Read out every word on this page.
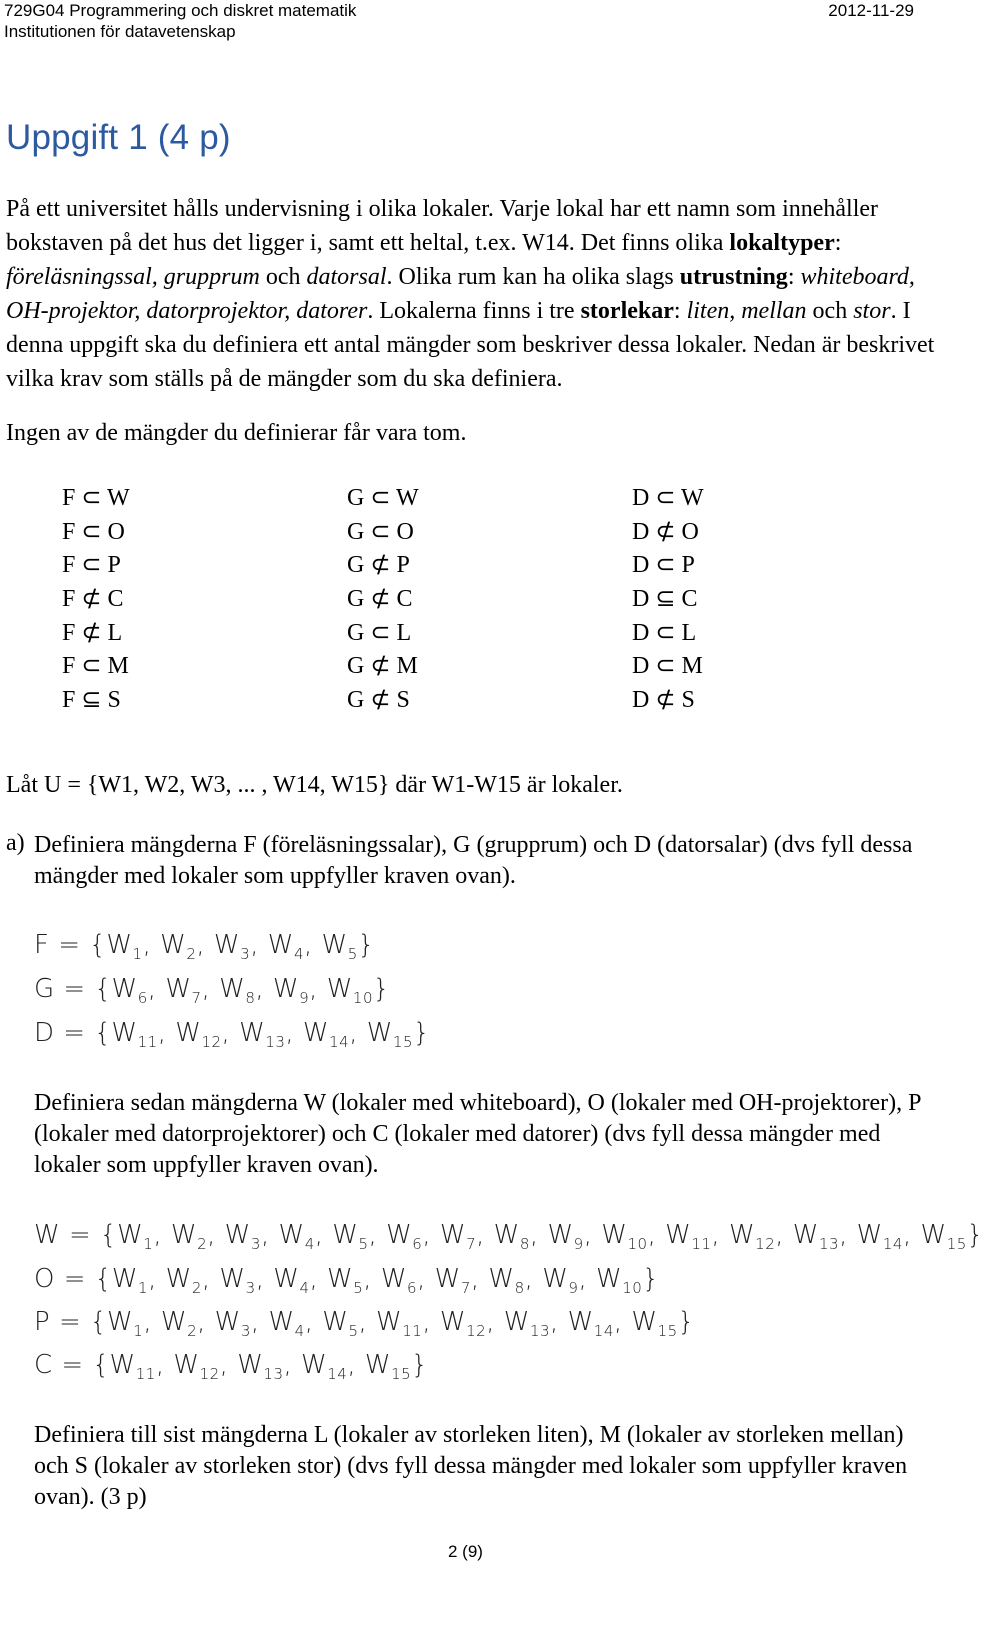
729G04 Programmering och diskret matematik
Institutionen för datavetenskap
2012-11-29
Uppgift 1 (4 p)

På ett universitet hålls undervisning i olika lokaler. Varje lokal har ett namn som innehåller bokstaven på det hus det ligger i, samt ett heltal, t.ex. W14. Det finns olika lokaltyper: föreläsningssal, grupprum och datorsal. Olika rum kan ha olika slags utrustning: whiteboard, OH-projektor, datorprojektor, datorer. Lokalerna finns i tre storlekar: liten, mellan och stor. I denna uppgift ska du definiera ett antal mängder som beskriver dessa lokaler. Nedan är beskrivet vilka krav som ställs på de mängder som du ska definiera.

Ingen av de mängder du definierar får vara tom.

F ⊂ W
F ⊂ O
F ⊂ P
F ⊄ C
F ⊄ L
F ⊂ M
F ⊆ S
G ⊂ W
G ⊂ O
G ⊄ P
G ⊄ C
G ⊂ L
G ⊄ M
G ⊄ S
D ⊂ W
D ⊄ O
D ⊂ P
D ⊆ C
D ⊂ L
D ⊂ M
D ⊄ S

Låt U = {W1, W2, W3, ... , W14, W15} där W1-W15 är lokaler.

a) Definiera mängderna F (föreläsningssalar), G (grupprum) och D (datorsalar) (dvs fyll dessa mängder med lokaler som uppfyller kraven ovan).

$F = \{W_1$, $W_2$, $W_3$, $W_4$, $W_5$}
$G = \{W_6$, $W_7$, $W_8$, $W_9$, $W_{10}$}
$D = \{W_{11}$, $W_{12}$, $W_{13}$, $W_{14}$, $W_{15}$}

Definiera sedan mängderna W (lokaler med whiteboard), O (lokaler med OH-projektorer), P (lokaler med datorprojektorer) och C (lokaler med datorer) (dvs fyll dessa mängder med lokaler som uppfyller kraven ovan).

$W = \{W_1$, $W_2$, $W_3$, $W_4$, $W_5$, $W_6$, $W_7$, $W_8$, $W_9$, $W_{10}$, $W_{11}$, $W_{12}$, $W_{13}$, $W_{14}$, $W_{15}$}
$O = \{W_1$, $W_2$, $W_3$, $W_4$, $W_5$, $W_6$, $W_7$, $W_8$, $W_9$, $W_{10}$}
$P = \{W_1$, $W_2$, $W_3$, $W_4$, $W_5$, $W_{11}$, $W_{12}$, $W_{13}$, $W_{14}$, $W_{15}$}
$C = \{W_{11}$, $W_{12}$, $W_{13}$, $W_{14}$, $W_{15}$}

Definiera till sist mängderna L (lokaler av storleken liten), M (lokaler av storleken mellan) och S (lokaler av storleken stor) (dvs fyll dessa mängder med lokaler som uppfyller kraven ovan). (3 p)

2 (9)
